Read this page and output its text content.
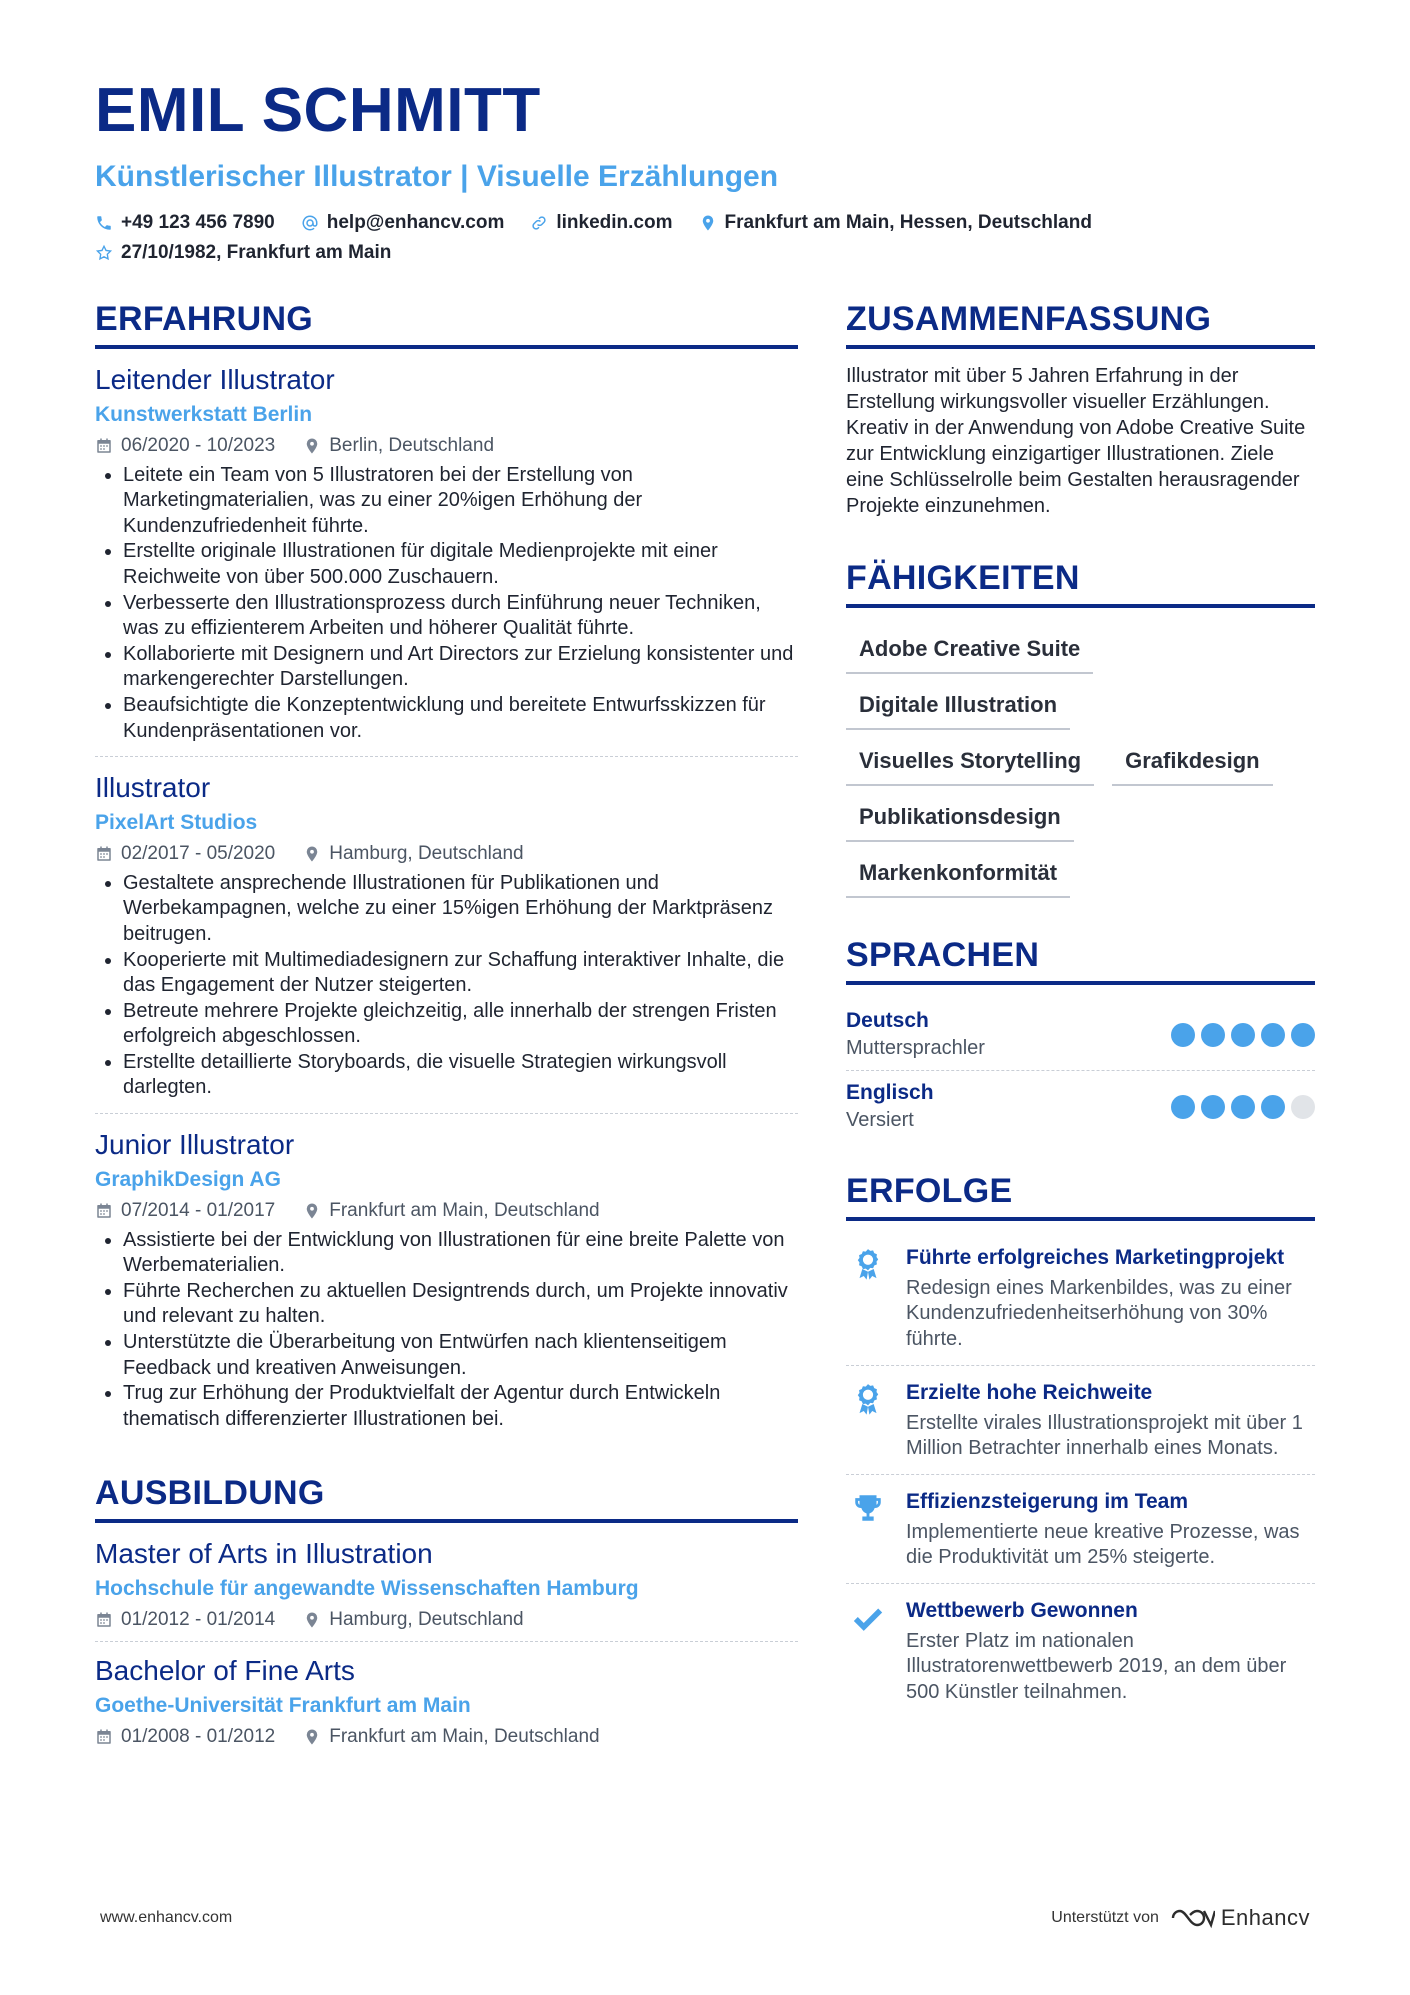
EMIL SCHMITT
Künstlerischer Illustrator | Visuelle Erzählungen
+49 123 456 7890	help@enhancv.com	linkedin.com	Frankfurt am Main, Hessen, Deutschland
27/10/1982, Frankfurt am Main
ERFAHRUNG
Leitender Illustrator
Kunstwerkstatt Berlin
06/2020 - 10/2023	Berlin, Deutschland
• Leitete ein Team von 5 Illustratoren bei der Erstellung von Marketingmaterialien, was zu einer 20%igen Erhöhung der Kundenzufriedenheit führte.
• Erstellte originale Illustrationen für digitale Medienprojekte mit einer Reichweite von über 500.000 Zuschauern.
• Verbesserte den Illustrationsprozess durch Einführung neuer Techniken, was zu effizienterem Arbeiten und höherer Qualität führte.
• Kollaborierte mit Designern und Art Directors zur Erzielung konsistenter und markengerechter Darstellungen.
• Beaufsichtigte die Konzeptentwicklung und bereitete Entwurfsskizzen für Kundenpräsentationen vor.
Illustrator
PixelArt Studios
02/2017 - 05/2020	Hamburg, Deutschland
• Gestaltete ansprechende Illustrationen für Publikationen und Werbekampagnen, welche zu einer 15%igen Erhöhung der Marktpräsenz beitrugen.
• Kooperierte mit Multimediadesignern zur Schaffung interaktiver Inhalte, die das Engagement der Nutzer steigerten.
• Betreute mehrere Projekte gleichzeitig, alle innerhalb der strengen Fristen erfolgreich abgeschlossen.
• Erstellte detaillierte Storyboards, die visuelle Strategien wirkungsvoll darlegten.
Junior Illustrator
GraphikDesign AG
07/2014 - 01/2017	Frankfurt am Main, Deutschland
• Assistierte bei der Entwicklung von Illustrationen für eine breite Palette von Werbematerialien.
• Führte Recherchen zu aktuellen Designtrends durch, um Projekte innovativ und relevant zu halten.
• Unterstützte die Überarbeitung von Entwürfen nach klientenseitigem Feedback und kreativen Anweisungen.
• Trug zur Erhöhung der Produktvielfalt der Agentur durch Entwickeln thematisch differenzierter Illustrationen bei.
AUSBILDUNG
Master of Arts in Illustration
Hochschule für angewandte Wissenschaften Hamburg
01/2012 - 01/2014	Hamburg, Deutschland
Bachelor of Fine Arts
Goethe-Universität Frankfurt am Main
01/2008 - 01/2012	Frankfurt am Main, Deutschland
ZUSAMMENFASSUNG

Illustrator mit über 5 Jahren Erfahrung in der Erstellung wirkungsvoller visueller Erzählungen. Kreativ in der Anwendung von Adobe Creative Suite zur Entwicklung einzigartiger Illustrationen. Ziele eine Schlüsselrolle beim Gestalten herausragender Projekte einzunehmen.

FÄHIGKEITEN
Adobe Creative Suite
Digitale Illustration
Visuelles Storytelling	Grafikdesign
Publikationsdesign
Markenkonformität
SPRACHEN
Deutsch
Muttersprachler
Englisch
Versiert
ERFOLGE
Führte erfolgreiches Marketingprojekt
Redesign eines Markenbildes, was zu einer Kundenzufriedenheitserhöhung von 30% führte.
Erzielte hohe Reichweite
Erstellte virales Illustrationsprojekt mit über 1 Million Betrachter innerhalb eines Monats.
Effizienzsteigerung im Team
Implementierte neue kreative Prozesse, was die Produktivität um 25% steigerte.
Wettbewerb Gewonnen
Erster Platz im nationalen Illustratorenwettbewerb 2019, an dem über 500 Künstler teilnahmen.
www.enhancv.com	Unterstützt von	Enhancv
